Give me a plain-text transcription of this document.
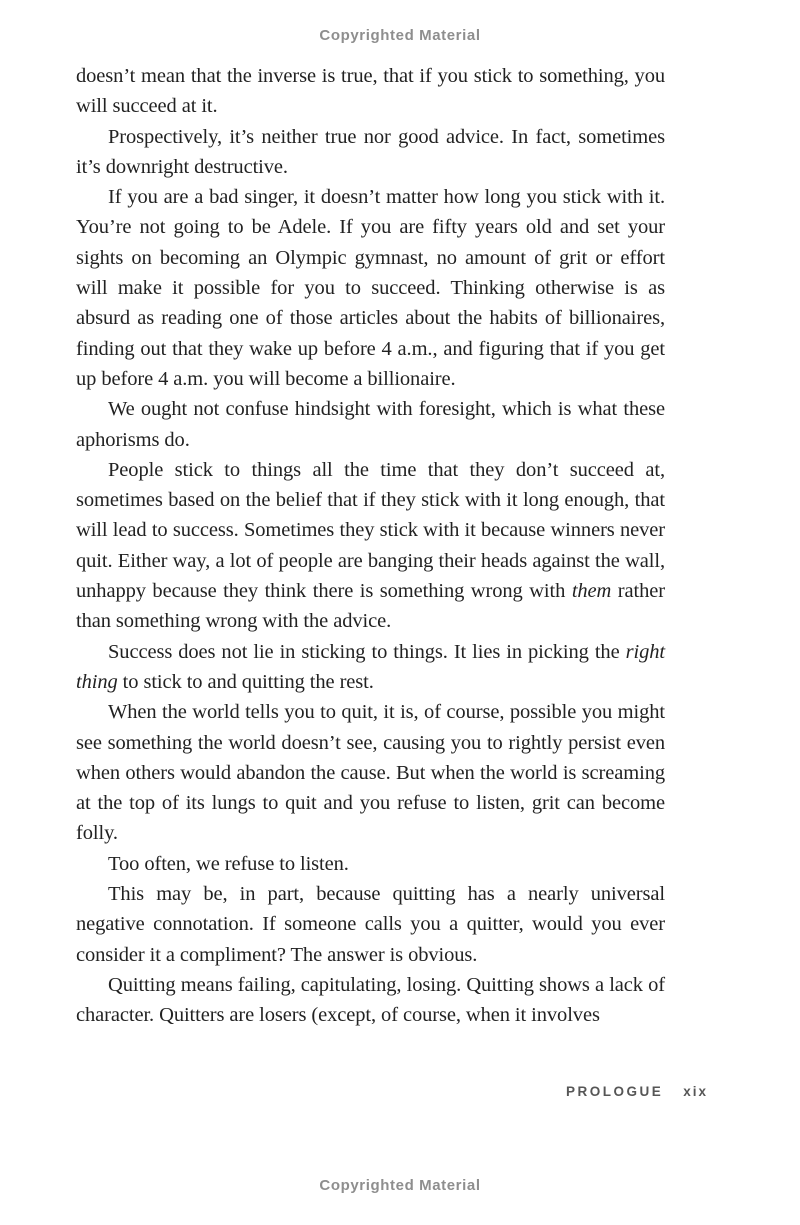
Copyrighted Material

doesn’t mean that the inverse is true, that if you stick to something, you will succeed at it.

Prospectively, it’s neither true nor good advice. In fact, sometimes it’s downright destructive.

If you are a bad singer, it doesn’t matter how long you stick with it. You’re not going to be Adele. If you are fifty years old and set your sights on becoming an Olympic gymnast, no amount of grit or effort will make it possible for you to succeed. Thinking otherwise is as absurd as reading one of those articles about the habits of billionaires, finding out that they wake up before 4 a.m., and figuring that if you get up before 4 a.m. you will become a billionaire.

We ought not confuse hindsight with foresight, which is what these aphorisms do.

People stick to things all the time that they don’t succeed at, sometimes based on the belief that if they stick with it long enough, that will lead to success. Sometimes they stick with it because winners never quit. Either way, a lot of people are banging their heads against the wall, unhappy because they think there is something wrong with them rather than something wrong with the advice.

Success does not lie in sticking to things. It lies in picking the right thing to stick to and quitting the rest.

When the world tells you to quit, it is, of course, possible you might see something the world doesn’t see, causing you to rightly persist even when others would abandon the cause. But when the world is screaming at the top of its lungs to quit and you refuse to listen, grit can become folly.

Too often, we refuse to listen.

This may be, in part, because quitting has a nearly universal negative connotation. If someone calls you a quitter, would you ever consider it a compliment? The answer is obvious.

Quitting means failing, capitulating, losing. Quitting shows a lack of character. Quitters are losers (except, of course, when it involves

PROLOGUE xix
Copyrighted Material
